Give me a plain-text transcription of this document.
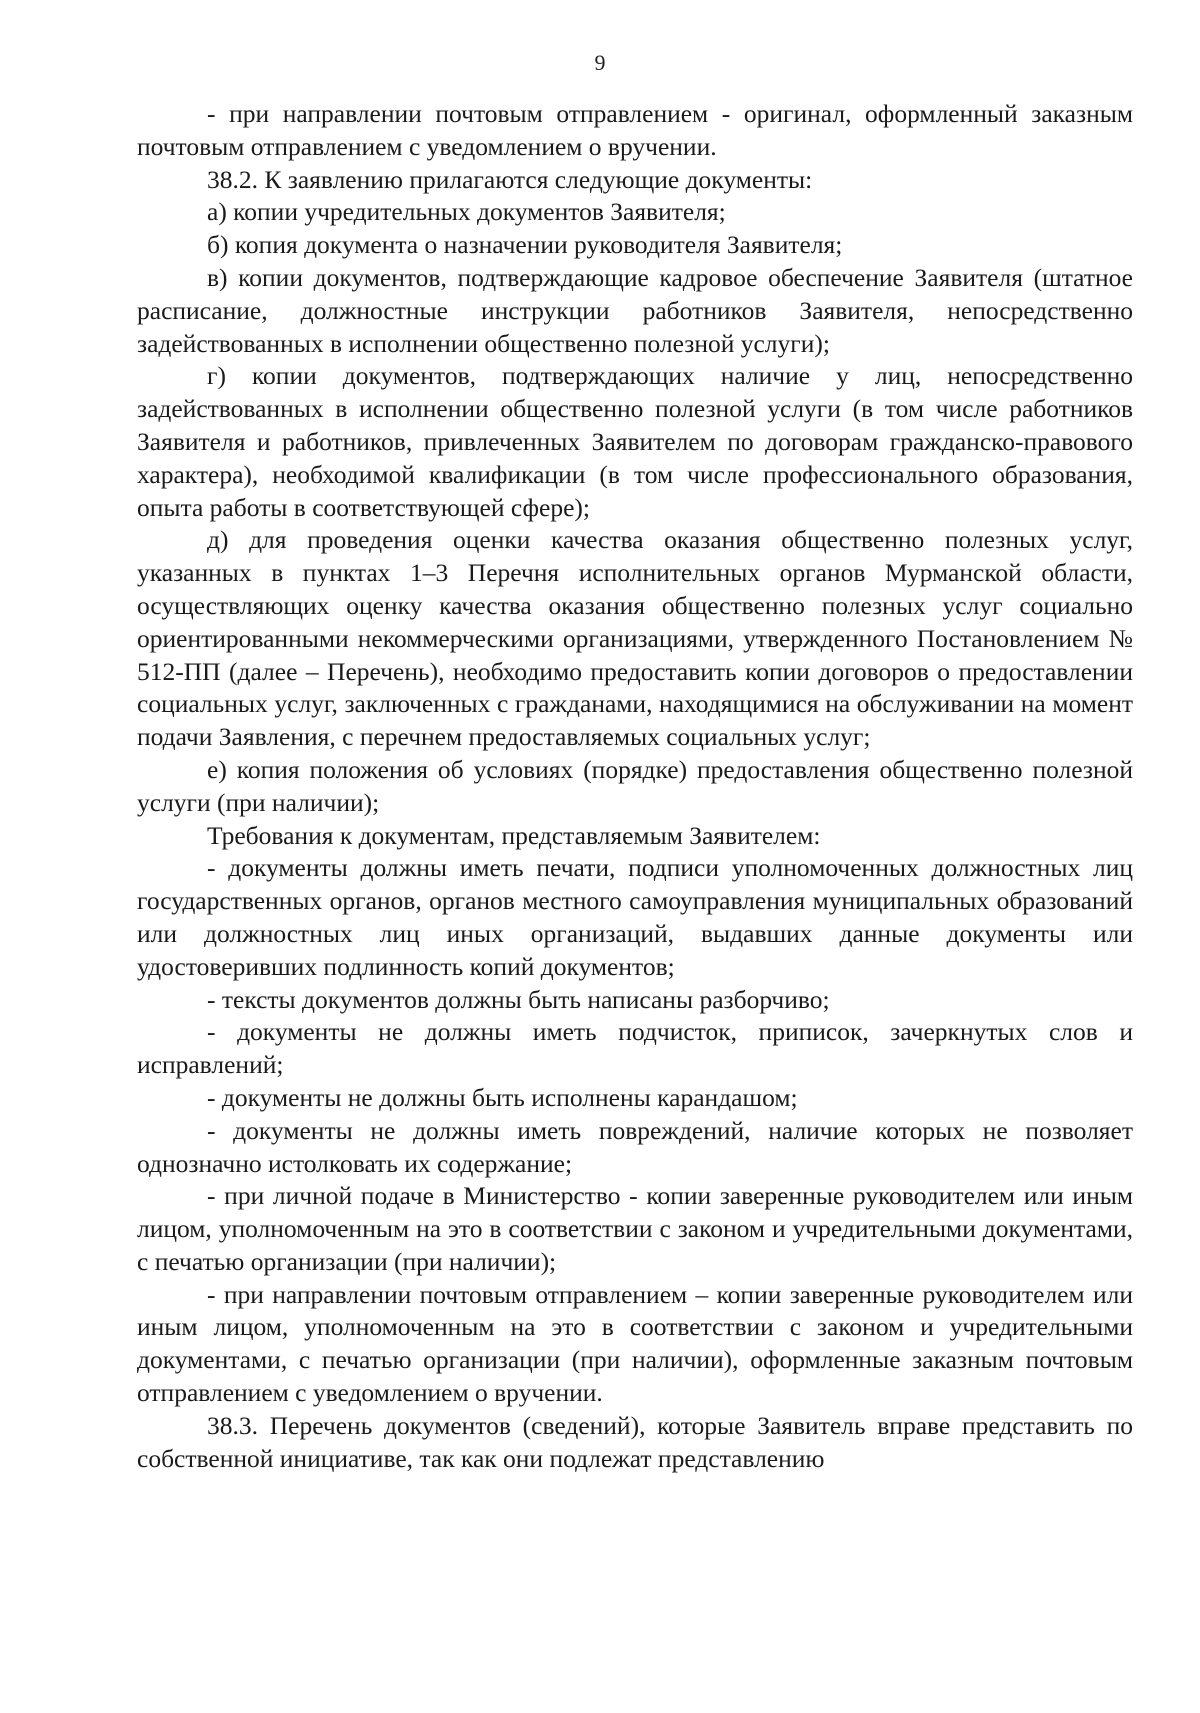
9

- при направлении почтовым отправлением - оригинал, оформленный заказным почтовым отправлением с уведомлением о вручении.

38.2. К заявлению прилагаются следующие документы:

а) копии учредительных документов Заявителя;

б) копия документа о назначении руководителя Заявителя;

в) копии документов, подтверждающие кадровое обеспечение Заявителя (штатное расписание, должностные инструкции работников Заявителя, непосредственно задействованных в исполнении общественно полезной услуги);

г) копии документов, подтверждающих наличие у лиц, непосредственно задействованных в исполнении общественно полезной услуги (в том числе работников Заявителя и работников, привлеченных Заявителем по договорам гражданско-правового характера), необходимой квалификации (в том числе профессионального образования, опыта работы в соответствующей сфере);

д) для проведения оценки качества оказания общественно полезных услуг, указанных в пунктах 1–3 Перечня исполнительных органов Мурманской области, осуществляющих оценку качества оказания общественно полезных услуг социально ориентированными некоммерческими организациями, утвержденного Постановлением № 512-ПП (далее – Перечень), необходимо предоставить копии договоров о предоставлении социальных услуг, заключенных с гражданами, находящимися на обслуживании на момент подачи Заявления, с перечнем предоставляемых социальных услуг;

е) копия положения об условиях (порядке) предоставления общественно полезной услуги (при наличии);

Требования к документам, представляемым Заявителем:

- документы должны иметь печати, подписи уполномоченных должностных лиц государственных органов, органов местного самоуправления муниципальных образований или должностных лиц иных организаций, выдавших данные документы или удостоверивших подлинность копий документов;

- тексты документов должны быть написаны разборчиво;

- документы не должны иметь подчисток, приписок, зачеркнутых слов и исправлений;

- документы не должны быть исполнены карандашом;

- документы не должны иметь повреждений, наличие которых не позволяет однозначно истолковать их содержание;

- при личной подаче в Министерство - копии заверенные руководителем или иным лицом, уполномоченным на это в соответствии с законом и учредительными документами, с печатью организации (при наличии);

- при направлении почтовым отправлением – копии заверенные руководителем или иным лицом, уполномоченным на это в соответствии с законом и учредительными документами, с печатью организации (при наличии), оформленные заказным почтовым отправлением с уведомлением о вручении.

38.3. Перечень документов (сведений), которые Заявитель вправе представить по собственной инициативе, так как они подлежат представлению
